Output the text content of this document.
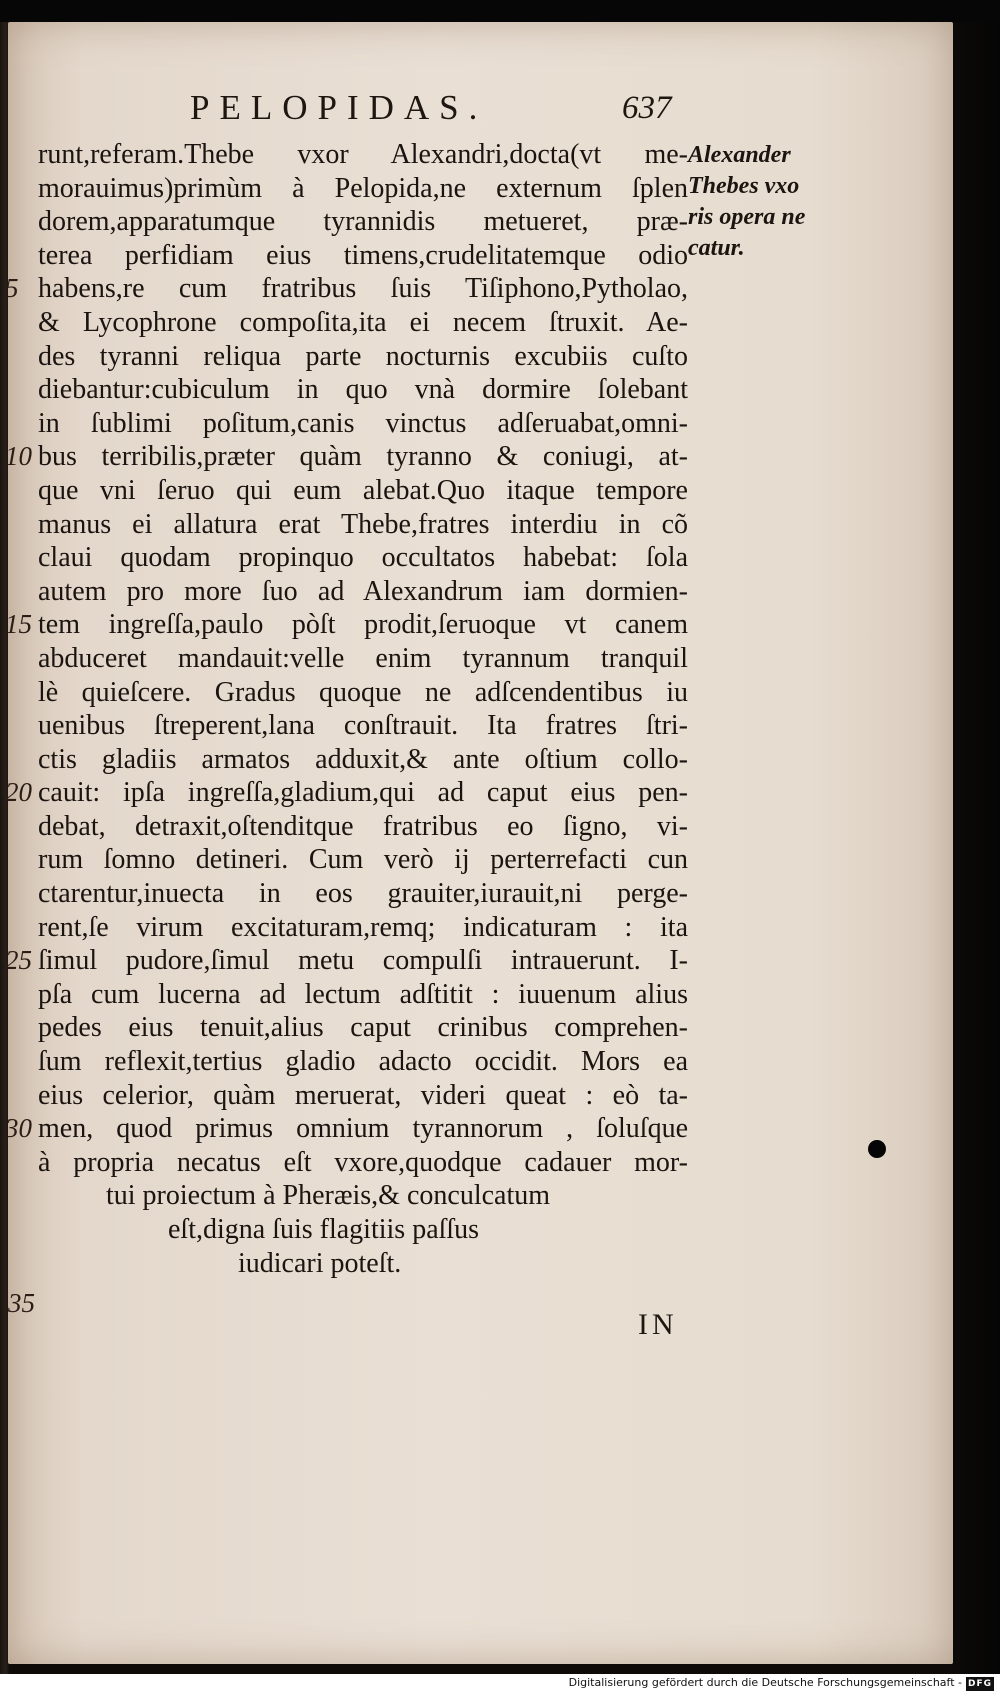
PELOPIDAS.	637
runt,referam.Thebe vxor Alexandri,docta(vt me-
morauimus)primùm à Pelopida,ne externum ſplen
dorem,apparatumque tyrannidis metueret, præ-
terea perfidiam eius timens,crudelitatemque odio
5 habens,re cum fratribus ſuis Tiſiphono,Pytholao,
& Lycophrone compoſita,ita ei necem ſtruxit. Ae-
des tyranni reliqua parte nocturnis excubiis cuſto
diebantur:cubiculum in quo vnà dormire ſolebant
in ſublimi poſitum,canis vinctus adſeruabat,omni-
10 bus terribilis,præter quàm tyranno & coniugi, at-
que vni ſeruo qui eum alebat.Quo itaque tempore
manus ei allatura erat Thebe,fratres interdiu in cõ
claui quodam propinquo occultatos habebat: ſola
autem pro more ſuo ad Alexandrum iam dormien-
15 tem ingreſſa,paulo pòſt prodit,ſeruoque vt canem
abduceret mandauit:velle enim tyrannum tranquil
lè quieſcere. Gradus quoque ne adſcendentibus iu
uenibus ſtreperent,lana conſtrauit. Ita fratres ſtri-
ctis gladiis armatos adduxit,& ante oſtium collo-
20 cauit: ipſa ingreſſa,gladium,qui ad caput eius pen-
debat, detraxit,oſtenditque fratribus eo ſigno, vi-
rum ſomno detineri. Cum verò ij perterrefacti cun
ctarentur,inuecta in eos grauiter,iurauit,ni perge-
rent,ſe virum excitaturam,remq; indicaturam : ita
25 ſimul pudore,ſimul metu compulſi intrauerunt. I-
pſa cum lucerna ad lectum adſtitit : iuuenum alius
pedes eius tenuit,alius caput crinibus comprehen-
ſum reflexit,tertius gladio adacto occidit. Mors ea
eius celerior, quàm meruerat, videri queat : eò ta-
30 men, quod primus omnium tyrannorum , ſoluſque
à propria necatus eſt vxore,quodque cadauer mor-
tui proiectum à Pheræis,& conculcatum
eſt,digna ſuis flagitiis paſſus
iudicari poteſt.
Alexander
Thebes vxo
ris opera ne
catur.
35
IN
Digitalisierung gefördert durch die Deutsche Forschungsgemeinschaft - DFG
